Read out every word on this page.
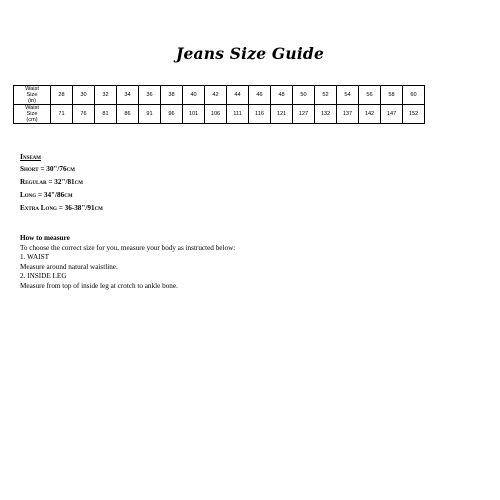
Jeans Size Guide
Waist
Size
(in)	28	30	32	34	36	38	40	42	44	46	48	50	52	54	56	58	60

Waist
Size
(cm)	71	76	81	86	91	96	101	106	111	116	121	127	132	137	142	147	152
Inseam
Short = 30"/76cm
Regular = 32"/81cm
Long = 34"/86cm
Extra Long = 36-38"/91cm
How to measure
To choose the correct size for you, measure your body as instructed below:
1. WAIST
Measure around natural waistline.
2. INSIDE LEG
Measure from top of inside leg at crotch to ankle bone.
